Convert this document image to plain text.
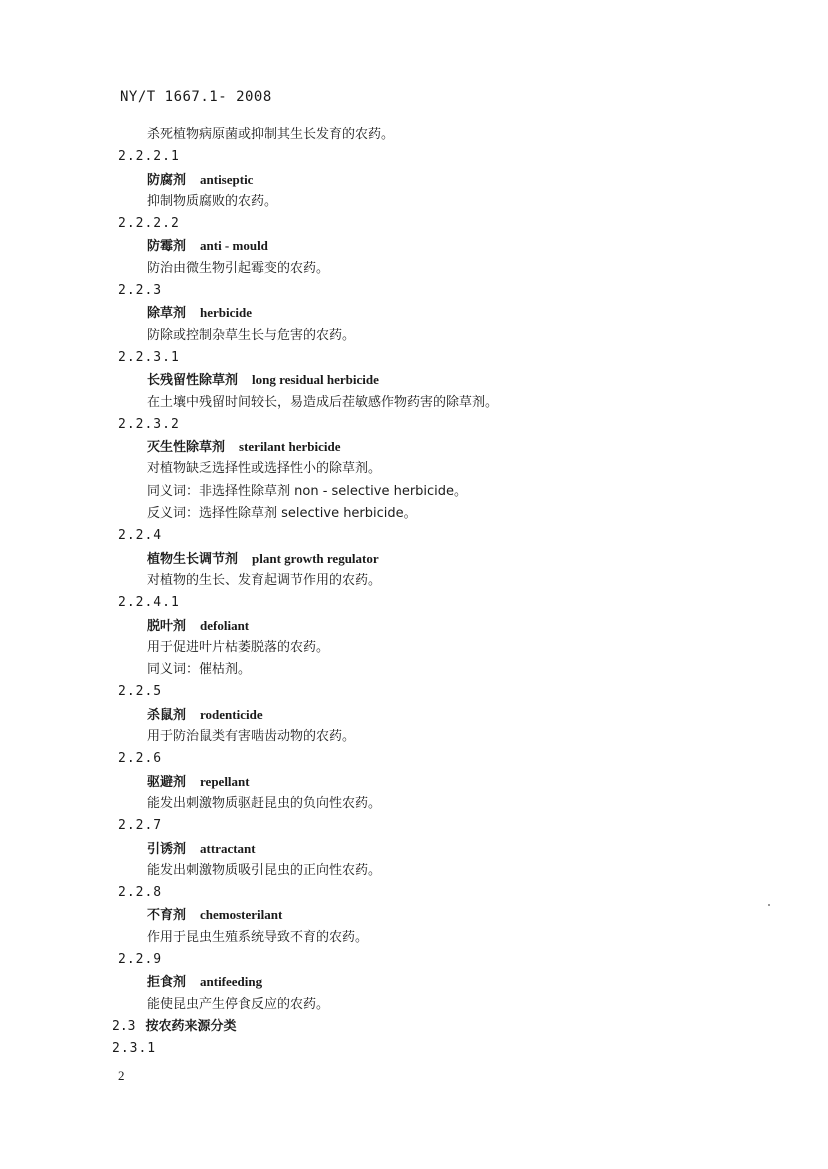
NY/T 1667.1- 2008
杀死植物病原菌或抑制其生长发育的农药。
2.2.2.1
防腐剂 antiseptic
抑制物质腐败的农药。
2.2.2.2
防霉剂 anti - mould
防治由微生物引起霉变的农药。
2.2.3
除草剂 herbicide
防除或控制杂草生长与危害的农药。
2.2.3.1
长残留性除草剂 long residual herbicide
在土壤中残留时间较长，易造成后茬敏感作物药害的除草剂。
2.2.3.2
灭生性除草剂 sterilant herbicide
对植物缺乏选择性或选择性小的除草剂。
同义词：非选择性除草剂 non - selective herbicide。
反义词：选择性除草剂 selective herbicide。
2.2.4
植物生长调节剂 plant growth regulator
对植物的生长、发育起调节作用的农药。
2.2.4.1
脱叶剂 defoliant
用于促进叶片枯萎脱落的农药。
同义词：催枯剂。
2.2.5
杀鼠剂 rodenticide
用于防治鼠类有害啮齿动物的农药。
2.2.6
驱避剂 repellant
能发出刺激物质驱赶昆虫的负向性农药。
2.2.7
引诱剂 attractant
能发出刺激物质吸引昆虫的正向性农药。
2.2.8
不育剂 chemosterilant
作用于昆虫生殖系统导致不育的农药。
2.2.9
拒食剂 antifeeding
能使昆虫产生停食反应的农药。
2.3 按农药来源分类
2.3.1
2
